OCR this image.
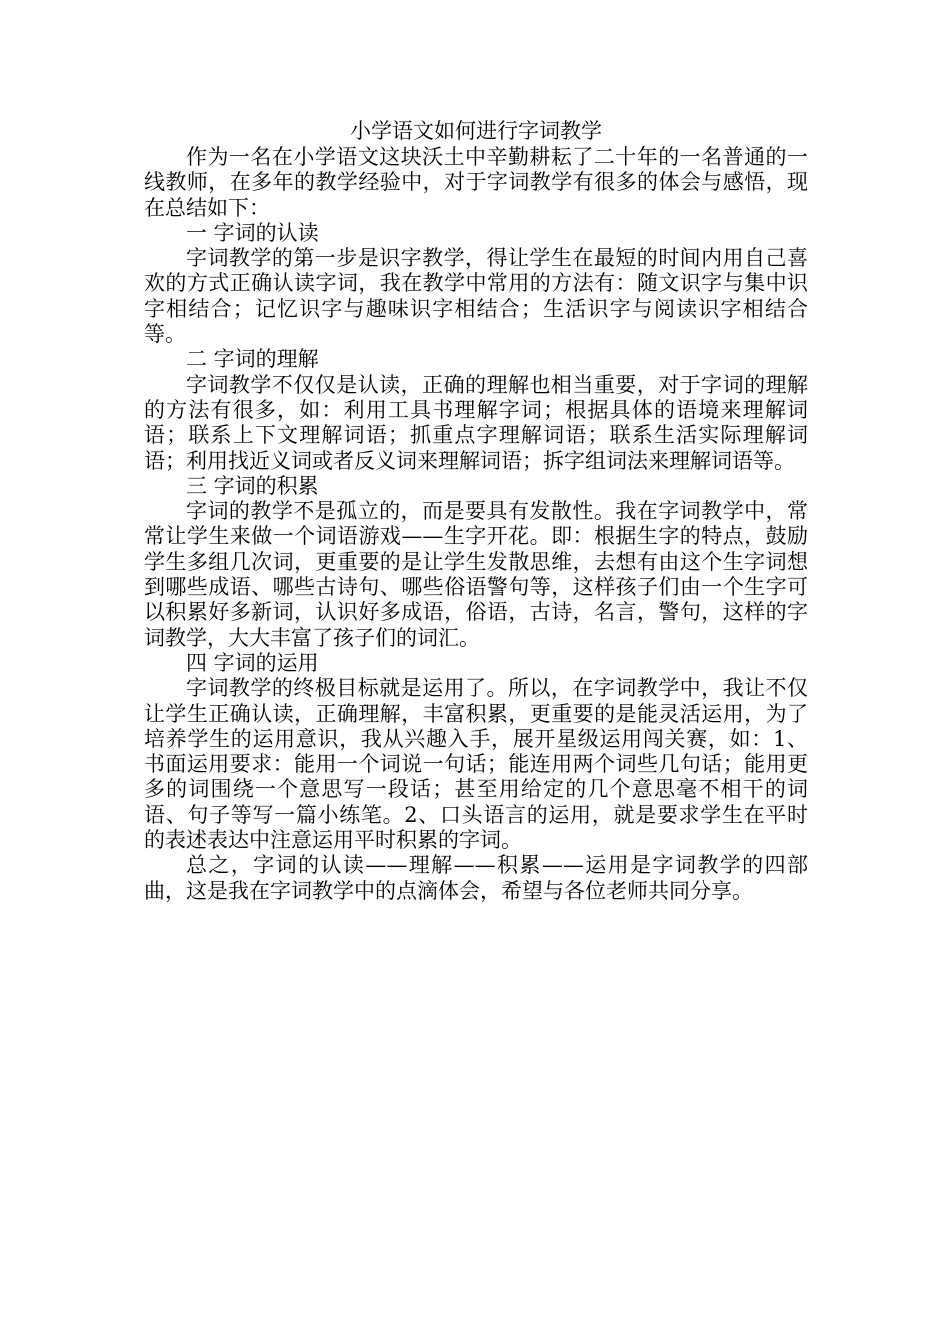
小学语文如何进行字词教学

作为一名在小学语文这块沃土中辛勤耕耘了二十年的一名普通的一线教师，在多年的教学经验中，对于字词教学有很多的体会与感悟，现在总结如下：

一 字词的认读

字词教学的第一步是识字教学，得让学生在最短的时间内用自己喜欢的方式正确认读字词，我在教学中常用的方法有：随文识字与集中识字相结合；记忆识字与趣味识字相结合；生活识字与阅读识字相结合等。

二 字词的理解

字词教学不仅仅是认读，正确的理解也相当重要，对于字词的理解的方法有很多，如：利用工具书理解字词；根据具体的语境来理解词语；联系上下文理解词语；抓重点字理解词语；联系生活实际理解词语；利用找近义词或者反义词来理解词语；拆字组词法来理解词语等。

三 字词的积累

字词的教学不是孤立的，而是要具有发散性。我在字词教学中，常常让学生来做一个词语游戏——生字开花。即：根据生字的特点，鼓励学生多组几次词，更重要的是让学生发散思维，去想有由这个生字词想到哪些成语、哪些古诗句、哪些俗语警句等，这样孩子们由一个生字可以积累好多新词，认识好多成语，俗语，古诗，名言，警句，这样的字词教学，大大丰富了孩子们的词汇。

四 字词的运用

字词教学的终极目标就是运用了。所以，在字词教学中，我让不仅让学生正确认读，正确理解，丰富积累，更重要的是能灵活运用，为了培养学生的运用意识，我从兴趣入手，展开星级运用闯关赛，如：1、书面运用要求：能用一个词说一句话；能连用两个词些几句话；能用更多的词围绕一个意思写一段话；甚至用给定的几个意思毫不相干的词语、句子等写一篇小练笔。2、口头语言的运用，就是要求学生在平时的表述表达中注意运用平时积累的字词。

总之，字词的认读——理解——积累——运用是字词教学的四部曲，这是我在字词教学中的点滴体会，希望与各位老师共同分享。
